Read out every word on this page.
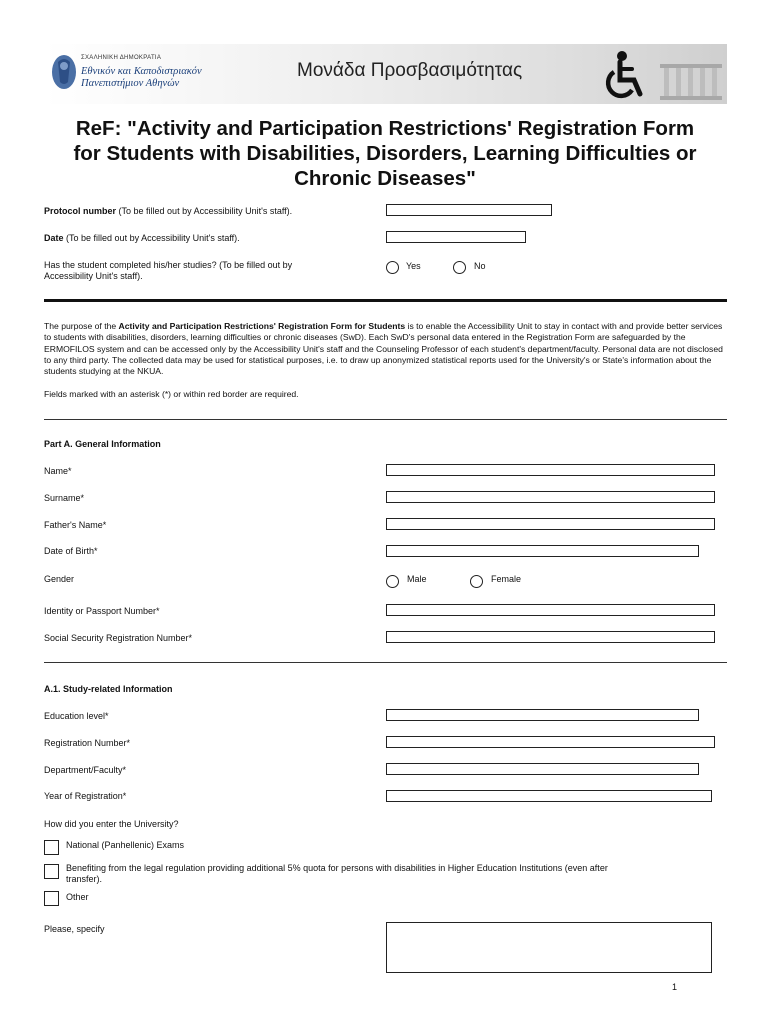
ΣΧΑΛΗΝΙΚΗ ΔΗΜΟΚΡΑΤΙΑ
Εθνικόν και Καποδιστριακόν
Πανεπιστήμιον Αθηνών
Μονάδα Προσβασιμότητας
ReF: "Activity and Participation Restrictions' Registration Form
for Students with Disabilities, Disorders, Learning Difficulties or
Chronic Diseases"
Protocol number (To be filled out by Accessibility Unit's staff).
Date (To be filled out by Accessibility Unit's staff).
Has the student completed his/her studies? (To be filled out by
Accessibility Unit's staff).
Yes	No
The purpose of the Activity and Participation Restrictions' Registration Form for Students is to enable the Accessibility Unit to stay in contact with and provide better services to students with disabilities, disorders, learning difficulties or chronic diseases (SwD). Each SwD's personal data entered in the Registration Form are safeguarded by the ERMOFILOS system and can be accessed only by the Accessibility Unit's staff and the Counseling Professor of each student's department/faculty. Personal data are not disclosed to any third party. The collected data may be used for statistical purposes, i.e. to draw up anonymized statistical reports used for the University's or State's information about the students studying at the NKUA.
Fields marked with an asterisk (*) or within red border are required.
Part A. General Information
Name*
Surname*
Father's Name*
Date of Birth*
Gender	Male	Female
Identity or Passport Number*
Social Security Registration Number*
A.1. Study-related Information
Education level*
Registration Number*
Department/Faculty*
Year of Registration*
How did you enter the University?
National (Panhellenic) Exams
Benefiting from the legal regulation providing additional 5% quota for persons with disabilities in Higher Education Institutions (even after
transfer).
Other
Please, specify
1
